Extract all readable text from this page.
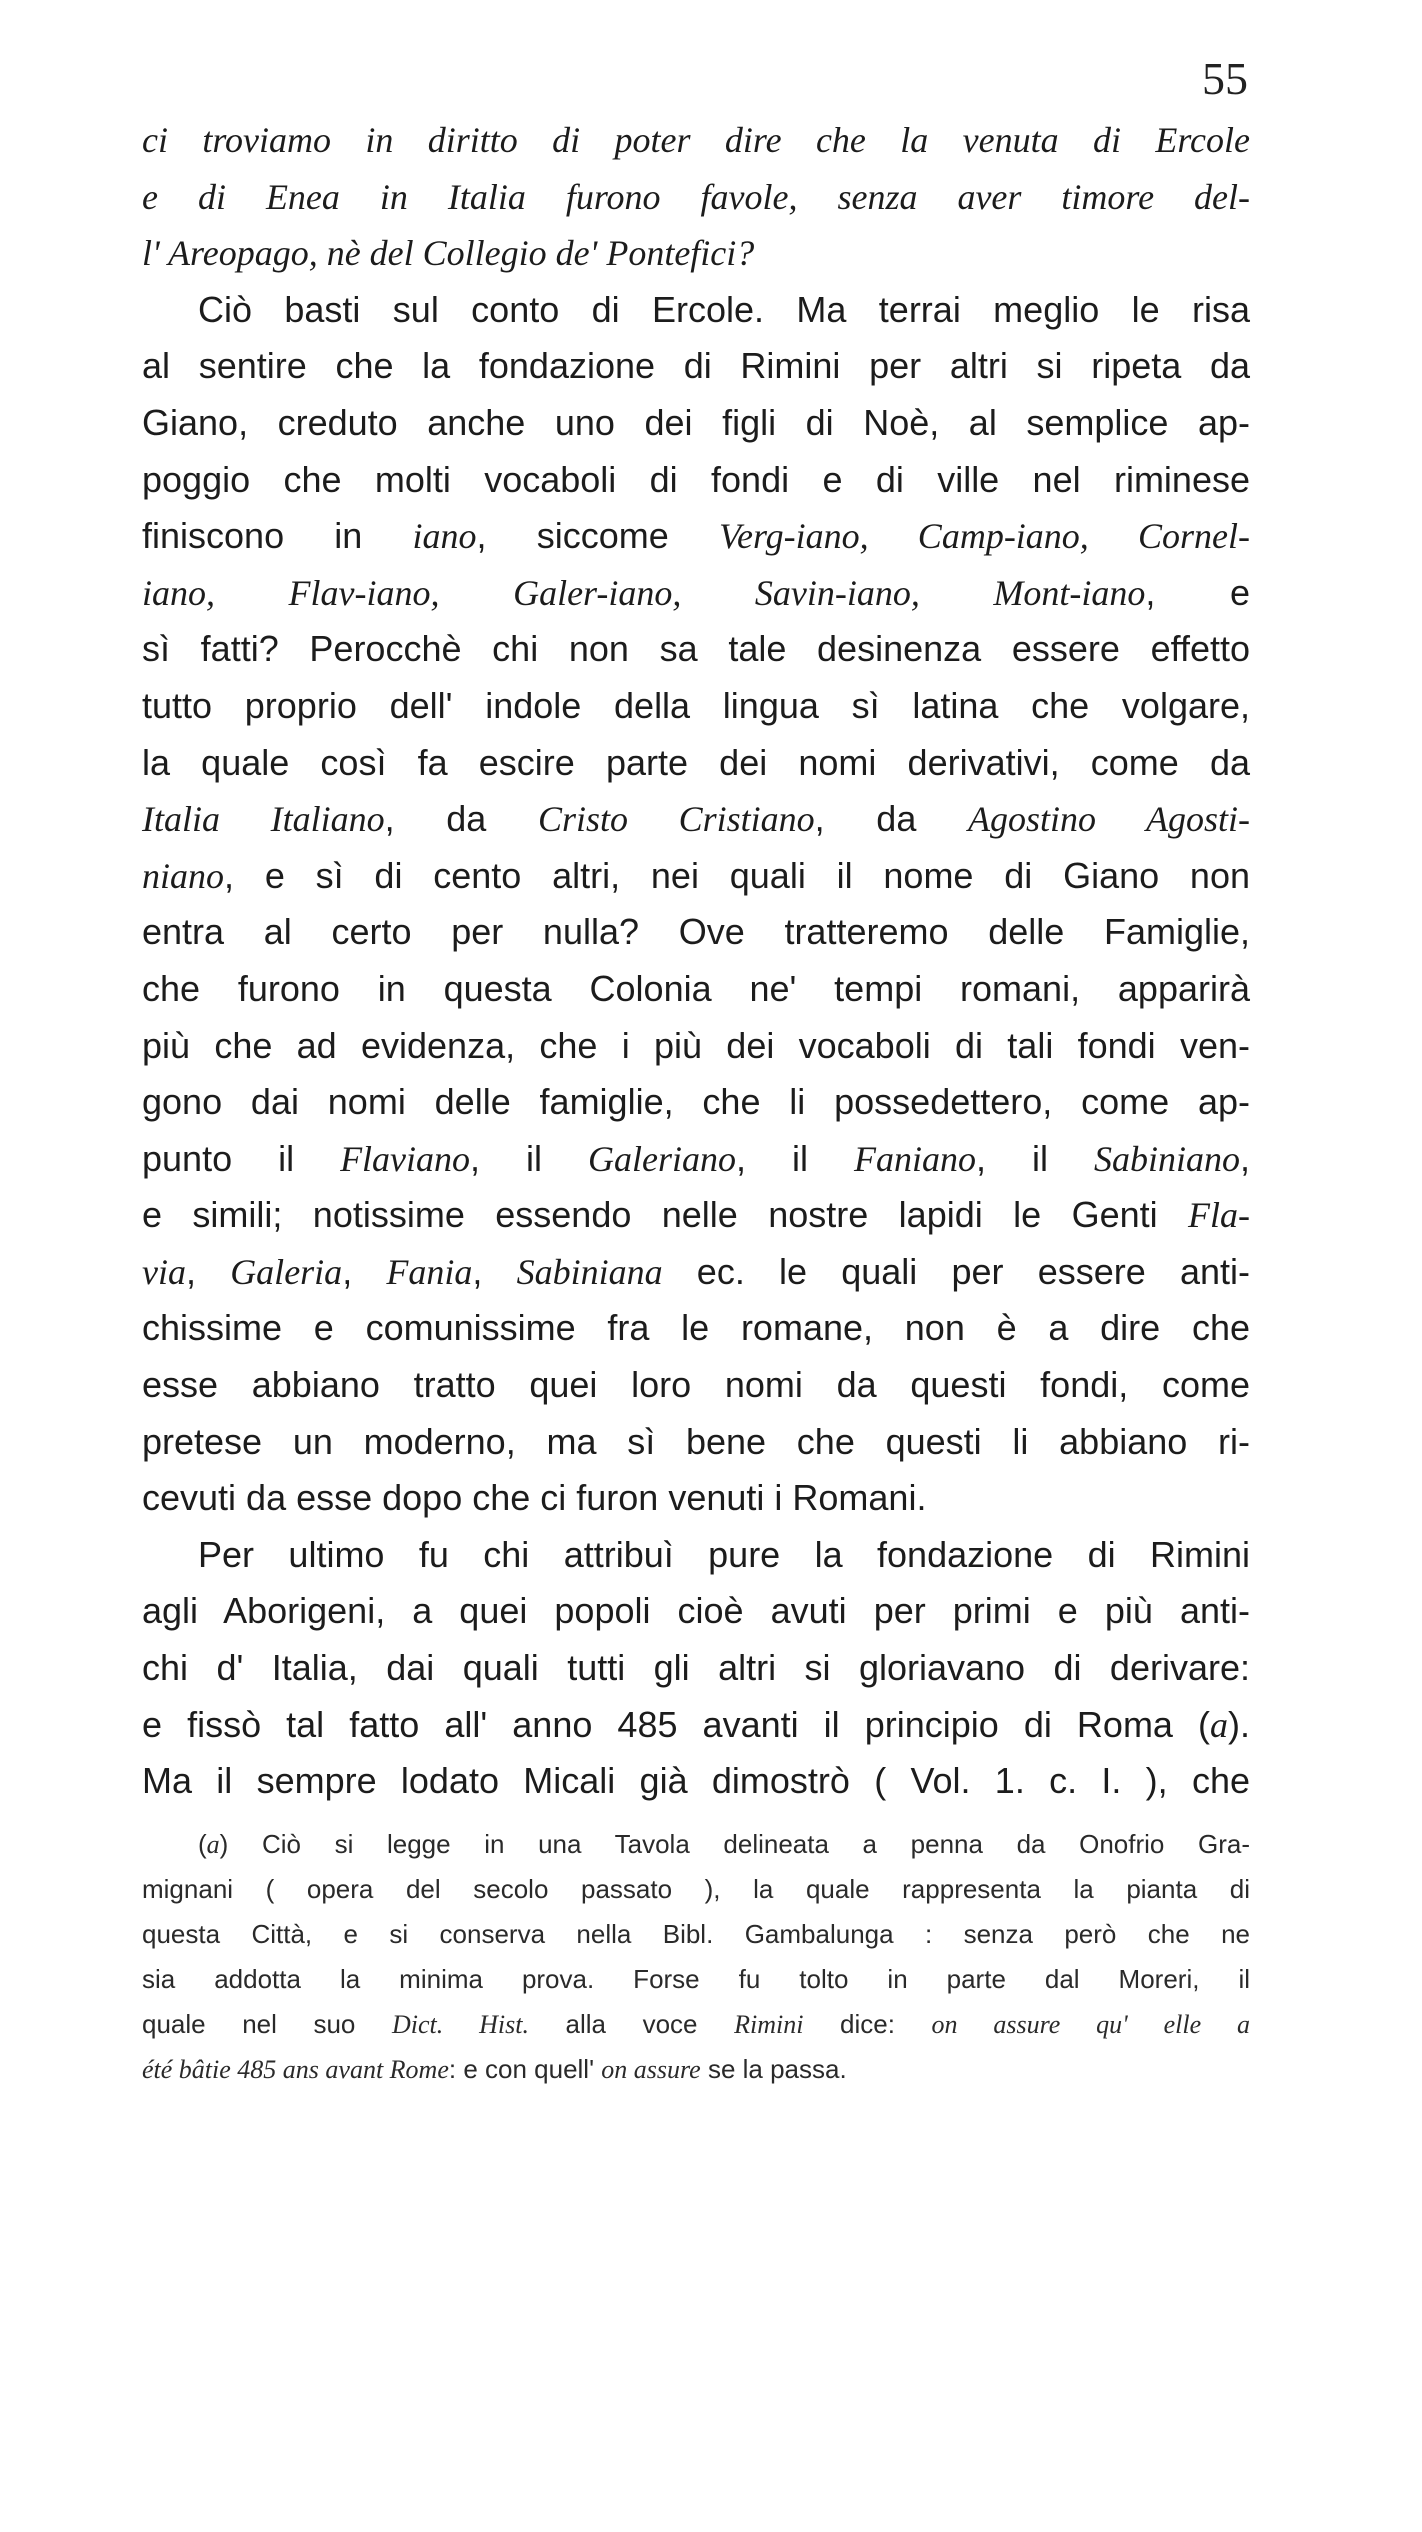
55
ci troviamo in diritto di poter dire che la venuta di Ercole
e di Enea in Italia furono favole, senza aver timore del-
l' Areopago, nè del Collegio de' Pontefici?
Ciò basti sul conto di Ercole. Ma terrai meglio le risa
al sentire che la fondazione di Rimini per altri si ripeta da
Giano, creduto anche uno dei figli di Noè, al semplice ap-
poggio che molti vocaboli di fondi e di ville nel riminese
finiscono in iano, siccome Verg-iano, Camp-iano, Cornel-
iano, Flav-iano, Galer-iano, Savin-iano, Mont-iano, e
sì fatti? Perocchè chi non sa tale desinenza essere effetto
tutto proprio dell' indole della lingua sì latina che volgare,
la quale così fa escire parte dei nomi derivativi, come da
Italia Italiano, da Cristo Cristiano, da Agostino Agosti-
niano, e sì di cento altri, nei quali il nome di Giano non
entra al certo per nulla? Ove tratteremo delle Famiglie,
che furono in questa Colonia ne' tempi romani, apparirà
più che ad evidenza, che i più dei vocaboli di tali fondi ven-
gono dai nomi delle famiglie, che li possedettero, come ap-
punto il Flaviano, il Galeriano, il Faniano, il Sabiniano,
e simili; notissime essendo nelle nostre lapidi le Genti Fla-
via, Galeria, Fania, Sabiniana ec. le quali per essere anti-
chissime e comunissime fra le romane, non è a dire che
esse abbiano tratto quei loro nomi da questi fondi, come
pretese un moderno, ma sì bene che questi li abbiano ri-
cevuti da esse dopo che ci furon venuti i Romani.
Per ultimo fu chi attribuì pure la fondazione di Rimini
agli Aborigeni, a quei popoli cioè avuti per primi e più anti-
chi d' Italia, dai quali tutti gli altri si gloriavano di derivare:
e fissò tal fatto all' anno 485 avanti il principio di Roma (a).
Ma il sempre lodato Micali già dimostrò ( Vol. 1. c. I. ), che
(a) Ciò si legge in una Tavola delineata a penna da Onofrio Gra-
mignani ( opera del secolo passato ), la quale rappresenta la pianta di
questa Città, e si conserva nella Bibl. Gambalunga : senza però che ne
sia addotta la minima prova. Forse fu tolto in parte dal Moreri, il
quale nel suo Dict. Hist. alla voce Rimini dice: on assure qu' elle a
été bâtie 485 ans avant Rome: e con quell' on assure se la passa.
